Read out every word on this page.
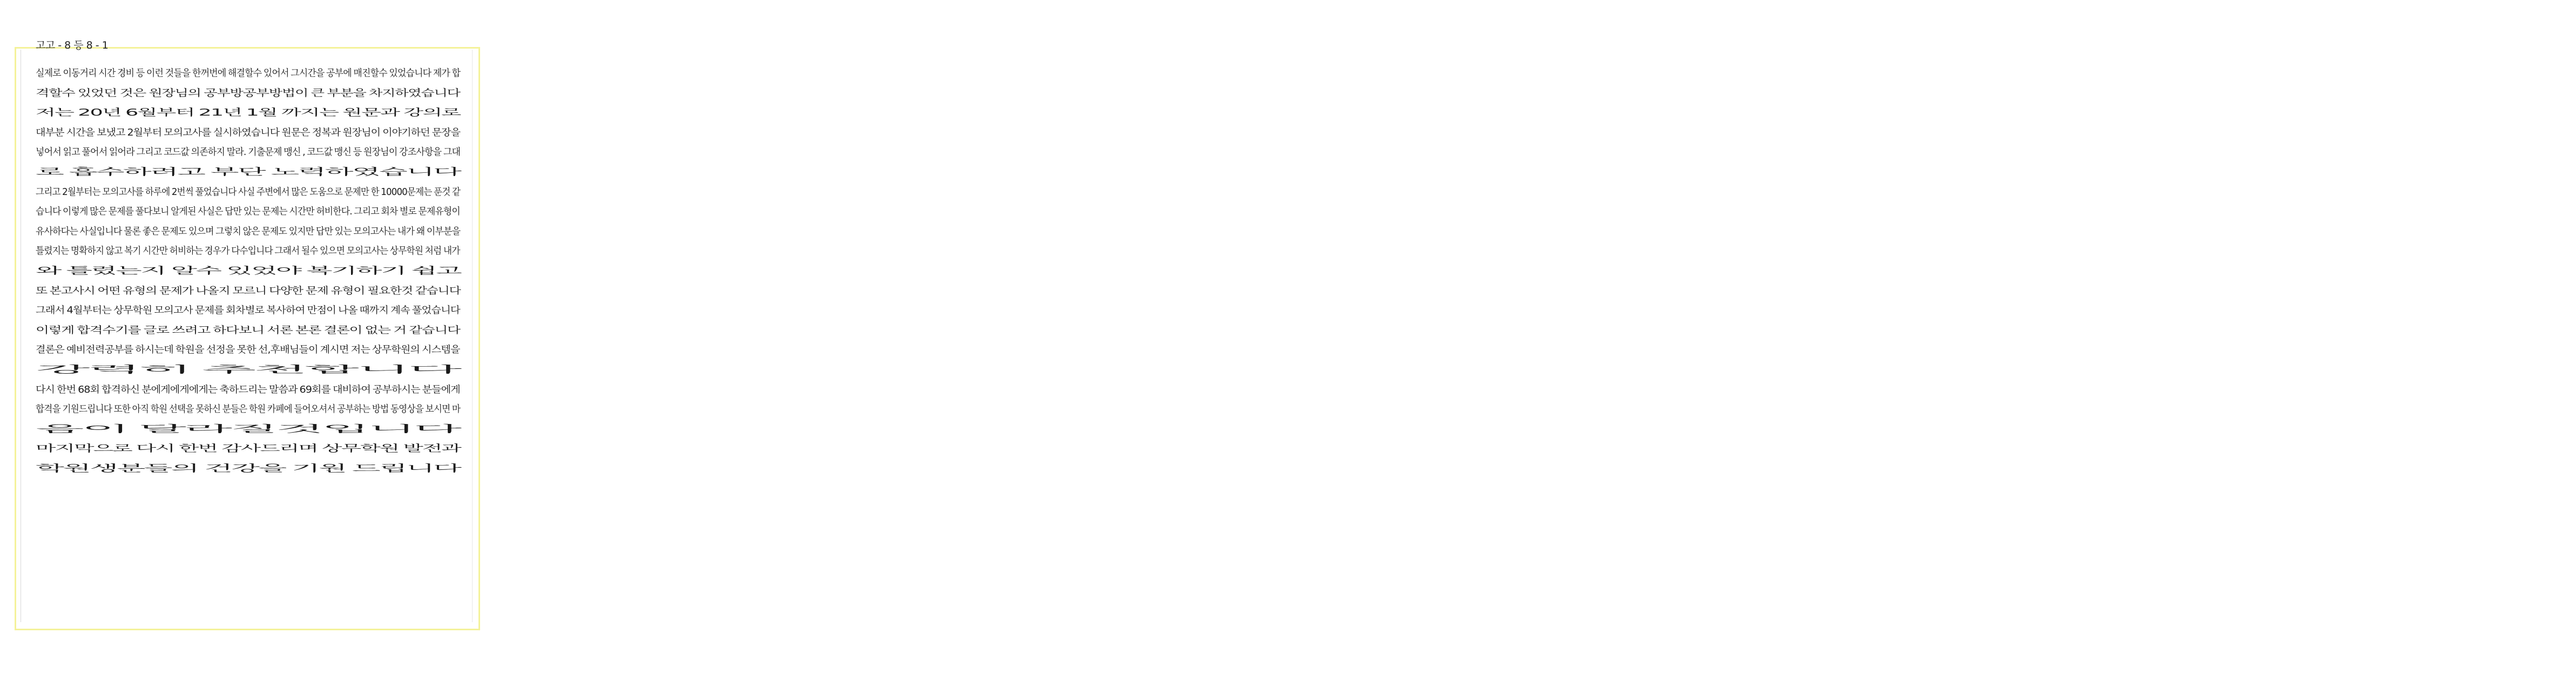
고고 - 8 등 8 - 1
실제로 이동거리 시간 경비 등 이런 것들을 한꺼번에 해결할수 있어서 그시간을 공부에 매진할수 있었습니다 제가 합
격할수 있었던 것은 원장님의 공부방공부방법이 큰 부분을 차지하였습니다
저는 20년 6월부터 21년 1월 까지는 원문과 강의로
대부분 시간을 보냈고 2월부터 모의고사를 실시하였습니다 원문은 정복과 원장님이 이야기하던 문장을
넣어서 읽고 풀어서 읽어라 그리고 코드값 의존하지 말라. 기출문제 맹신 , 코드값 맹신 등 원장님이 강조사항을 그대
로 흡수하려고 부단 노력하였습니다
그리고 2월부터는 모의고사를 하루에 2번씩 풀었습니다 사실 주변에서 많은 도움으로 문제만 한 10000문제는 푼것 같
습니다 이렇게 많은 문제를 풀다보니 알게된 사실은 답만 있는 문제는 시간만 허비한다. 그리고 회차 별로 문제유형이
유사하다는 사실입니다 물론 좋은 문제도 있으며 그렇치 않은 문제도 있지만 답만 있는 모의고사는 내가 왜 이부분을
틀렸지는 명확하지 않고 복기 시간만 허비하는 경우가 다수입니다 그래서 될수 있으면 모의고사는 상무학원 처럼 내가
와 틀렸는지 알수 있었야 복기하기 쉽고
또 본고사시 어떤 유형의 문제가 나올지 모르니 다양한 문제 유형이 필요한것 같습니다
그래서 4월부터는 상무학원 모의고사 문제를 회차별로 복사하여 만점이 나올 때까지 계속 풀었습니다
이렇게 합격수기를 글로 쓰려고 하다보니 서론 본론 결론이 없는 거 같습니다
결론은 예비전력공부를 하시는데 학원을 선정을 못한 선,후배님들이 계시면 저는 상무학원의 시스템을
강력히 추천합니다
다시 한번 68회 합격하신 분에게에게에게는 축하드리는 말씀과 69회를 대비하여 공부하시는 분들에게
합격을 기원드립니다 또한 아직 학원 선택을 못하신 분들은 학원 카페에 들어오셔서 공부하는 방법 동영상을 보시면 마
음이 달라질것입니다
마지막으로 다시 한번 감사드리며 상무학원 발전과
학원생분들의 건강을 기원 드립니다
